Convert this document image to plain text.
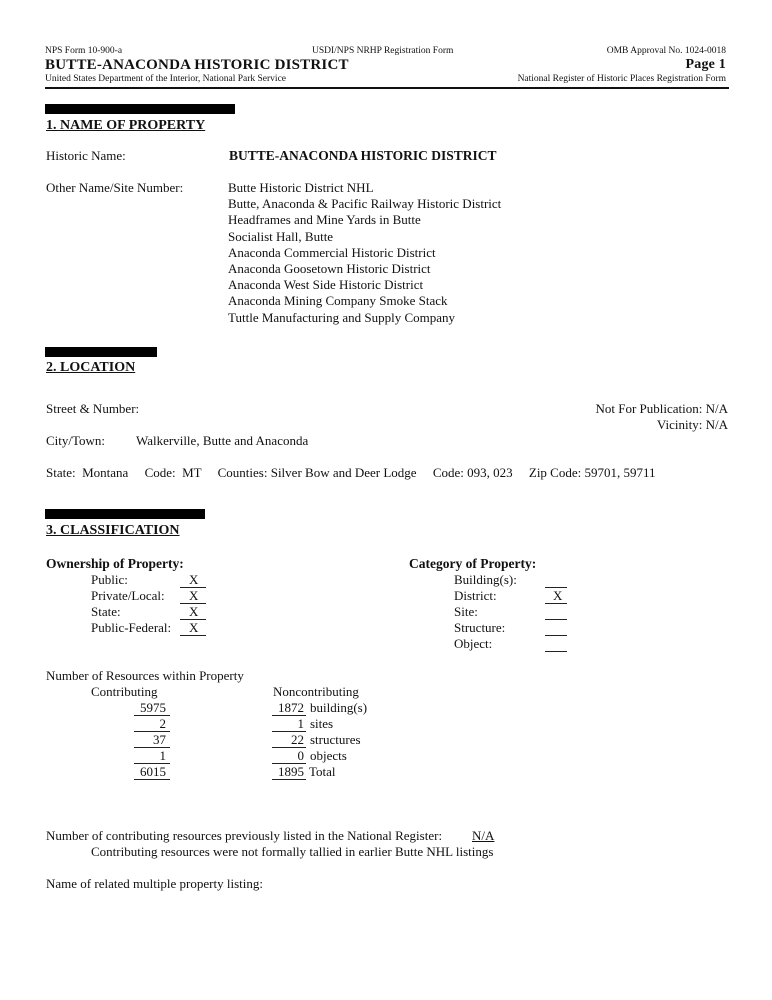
NPS Form 10-900-a	USDI/NPS NRHP Registration Form	OMB Approval No. 1024-0018
BUTTE-ANACONDA HISTORIC DISTRICT	Page 1
United States Department of the Interior, National Park Service	National Register of Historic Places Registration Form
1. NAME OF PROPERTY
Historic Name:	BUTTE-ANACONDA HISTORIC DISTRICT
Other Name/Site Number:	Butte Historic District NHL
Butte, Anaconda & Pacific Railway Historic District
Headframes and Mine Yards in Butte
Socialist Hall, Butte
Anaconda Commercial Historic District
Anaconda Goosetown Historic District
Anaconda West Side Historic District
Anaconda Mining Company Smoke Stack
Tuttle Manufacturing and Supply Company
2. LOCATION
Street & Number:	Not For Publication: N/A
Vicinity: N/A
City/Town: Walkerville, Butte and Anaconda
State:  Montana     Code:  MT     Counties: Silver Bow and Deer Lodge     Code: 093, 023     Zip Code: 59701, 59711
3. CLASSIFICATION
Ownership of Property:
Public:	X
Private/Local: X
State:	X
Public-Federal: X
Category of Property:
Building(s):
District:	X
Site:
Structure:
Object:
Number of Resources within Property
Contributing	Noncontributing
5975	1872 building(s)
2	1 sites
37	22 structures
1	0 objects
6015	1895 Total
Number of contributing resources previously listed in the National Register: N/A
Contributing resources were not formally tallied in earlier Butte NHL listings
Name of related multiple property listing:
